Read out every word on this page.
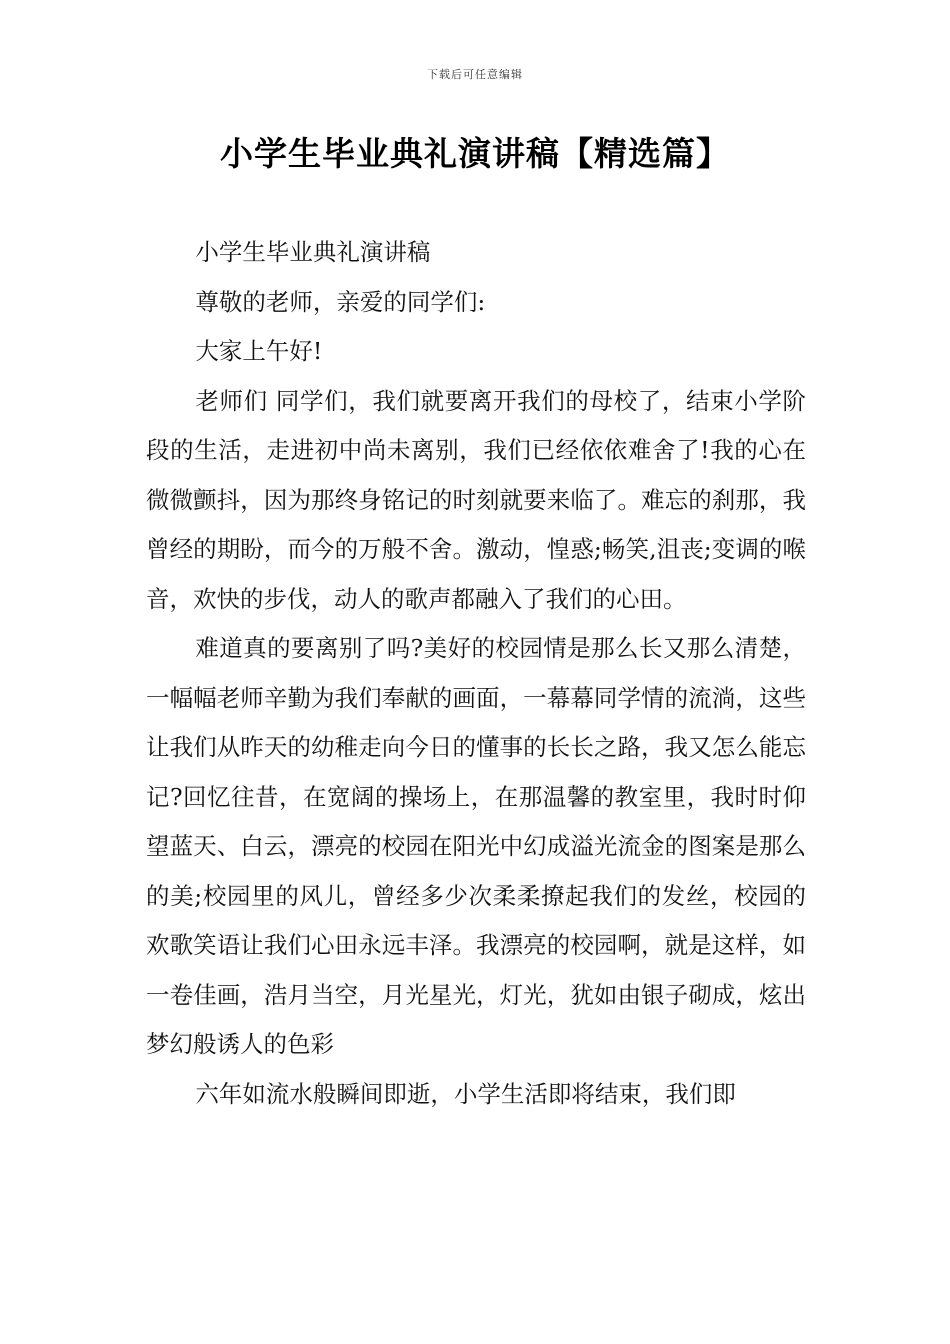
下载后可任意编辑
小学生毕业典礼演讲稿【精选篇】

小学生毕业典礼演讲稿

尊敬的老师，亲爱的同学们:

大家上午好!

老师们 同学们，我们就要离开我们的母校了，结束小学阶段的生活，走进初中尚未离别，我们已经依依难舍了!我的心在微微颤抖，因为那终身铭记的时刻就要来临了。难忘的刹那，我曾经的期盼，而今的万般不舍。激动，惶惑;畅笑,沮丧;变调的喉音，欢快的步伐，动人的歌声都融入了我们的心田。

难道真的要离别了吗?美好的校园情是那么长又那么清楚，一幅幅老师辛勤为我们奉献的画面，一幕幕同学情的流淌，这些让我们从昨天的幼稚走向今日的懂事的长长之路，我又怎么能忘记?回忆往昔，在宽阔的操场上，在那温馨的教室里，我时时仰望蓝天、白云，漂亮的校园在阳光中幻成溢光流金的图案是那么的美;校园里的风儿，曾经多少次柔柔撩起我们的发丝，校园的欢歌笑语让我们心田永远丰泽。我漂亮的校园啊，就是这样，如一卷佳画，浩月当空，月光星光，灯光，犹如由银子砌成，炫出梦幻般诱人的色彩

六年如流水般瞬间即逝，小学生活即将结束，我们即
